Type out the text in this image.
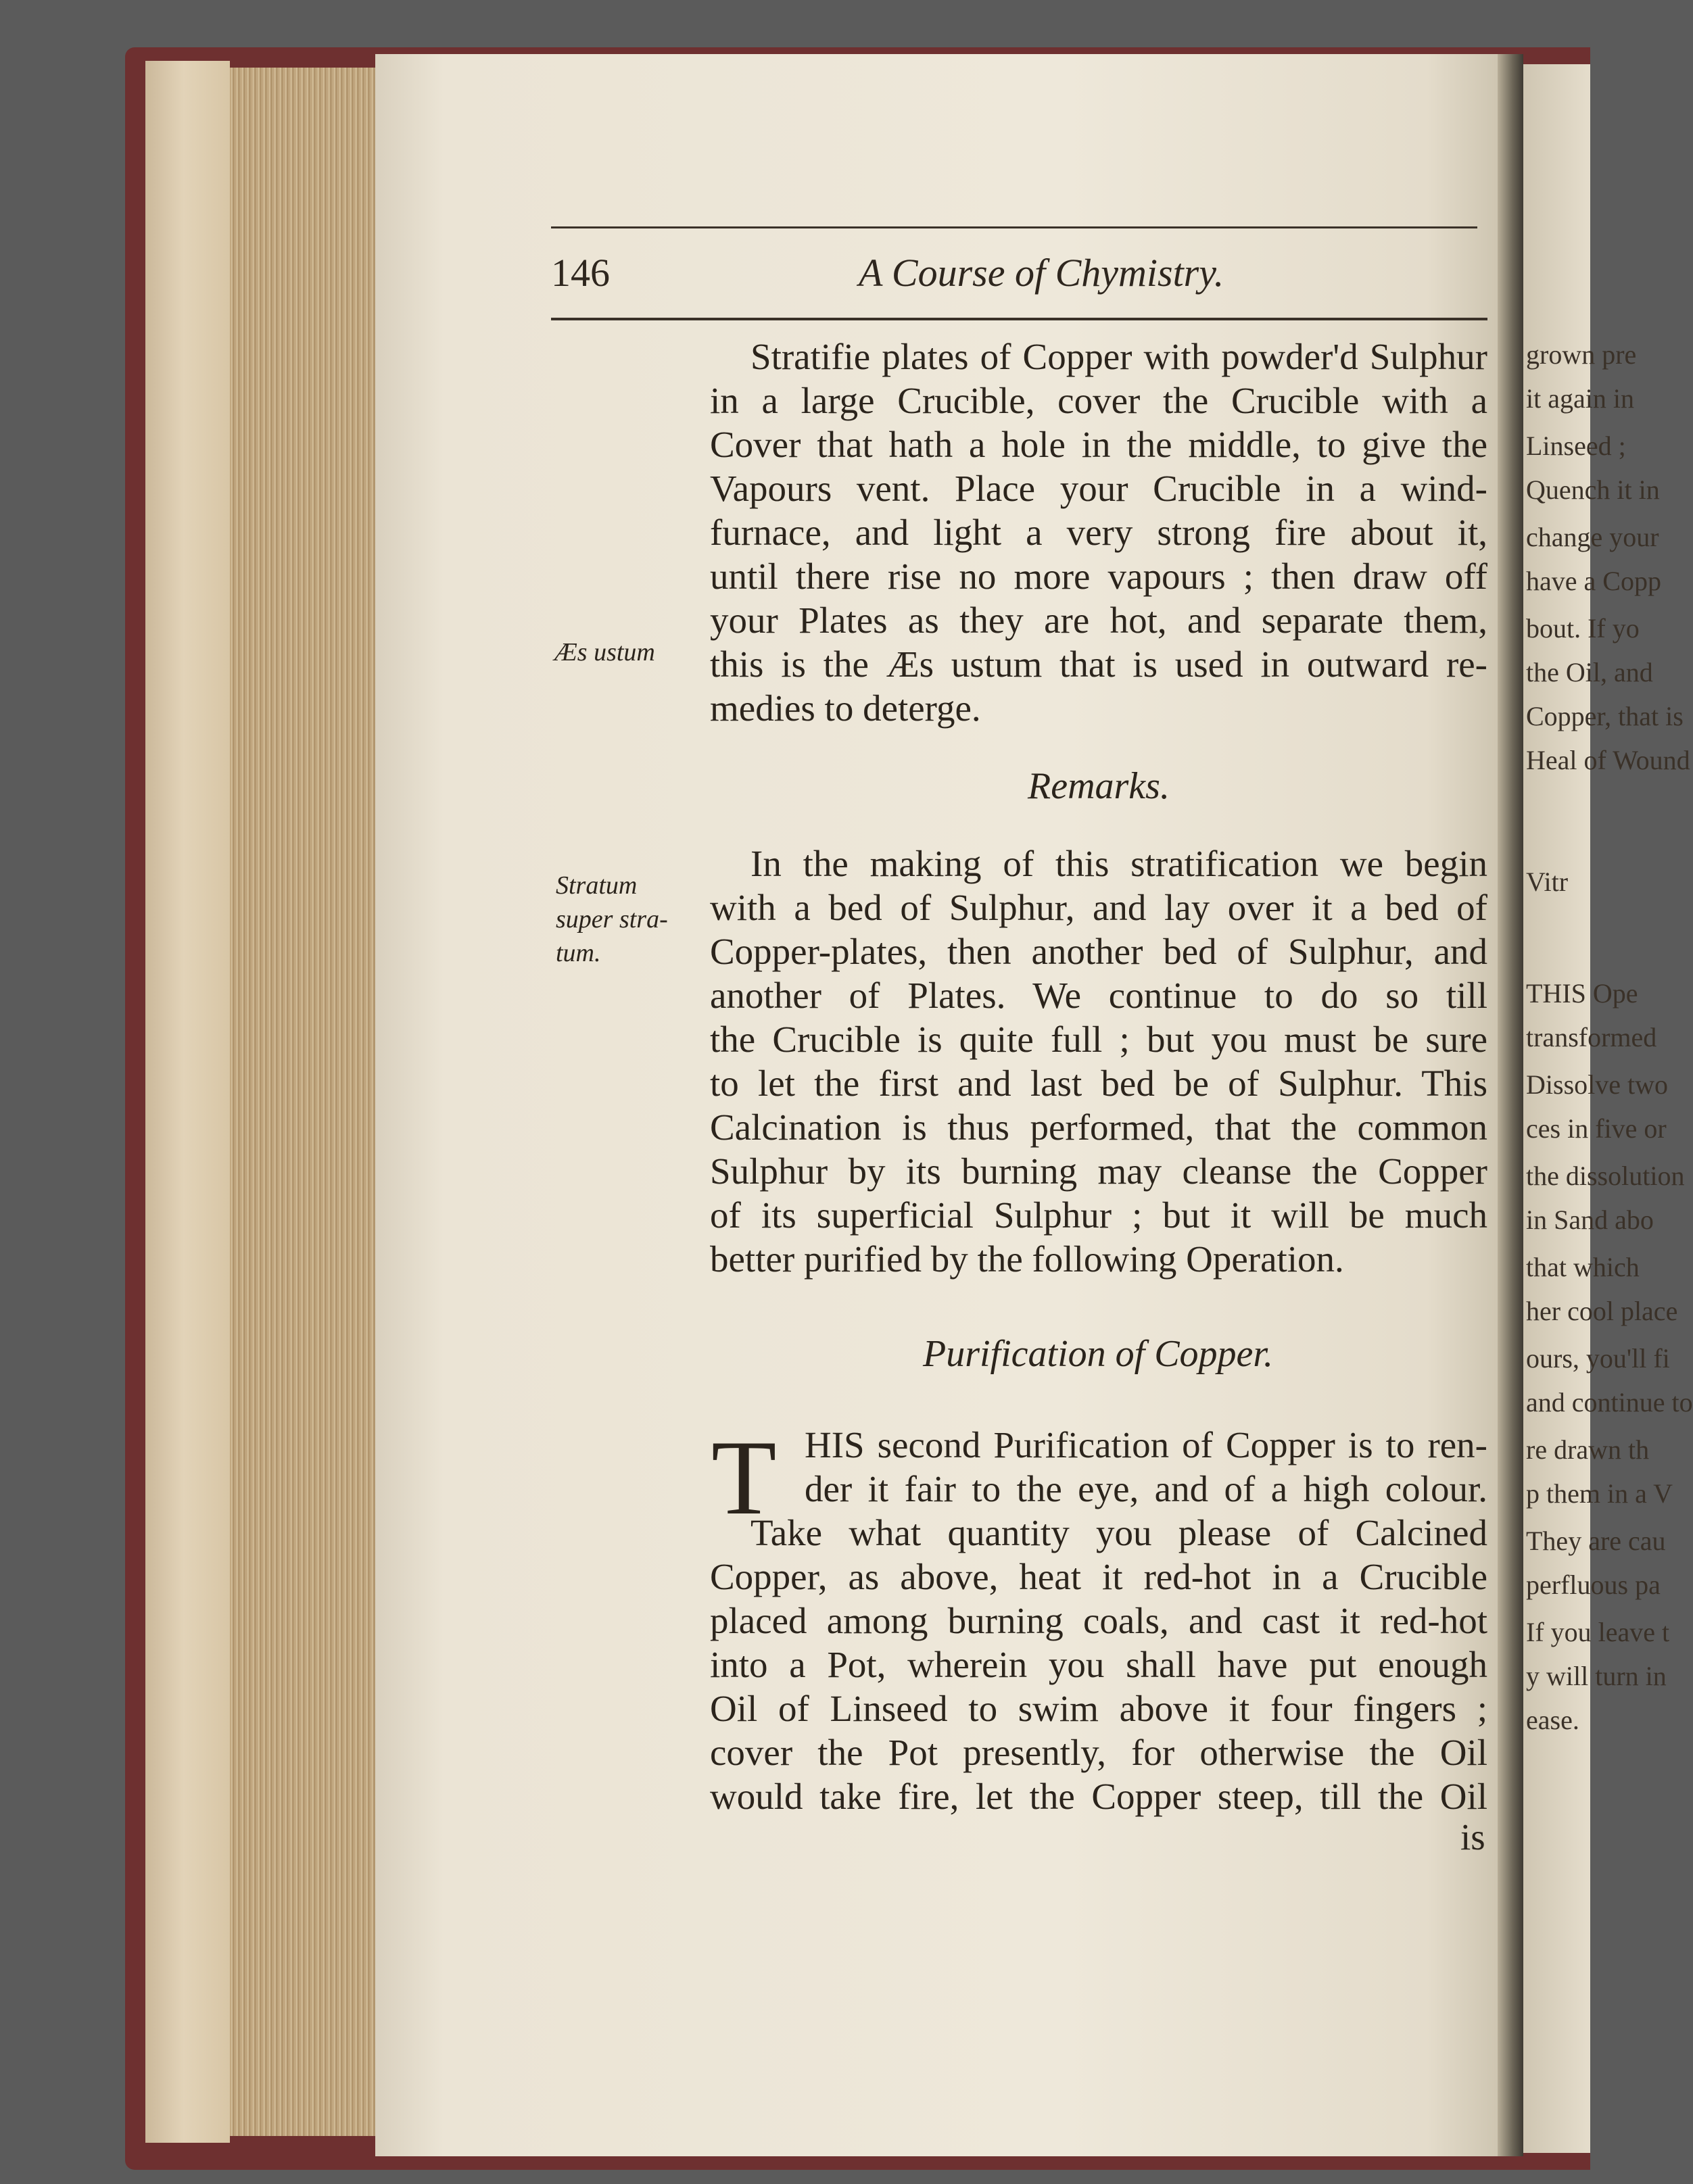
grown pre
it again in
Linseed ;
Quench it in
change your
have a Copp
bout. If yo
the Oil, and
Copper, that is
Heal of Wound
Vitr
THIS Ope
transformed
Dissolve two
ces in five or
the dissolution
in Sand abo
that which
her cool place
ours, you'll fi
and continue to
re drawn th
p them in a V
They are cau
perfluous pa
If you leave t
y will turn in
ease.
146	A Course of Chymistry.
Æs ustum
Stratum
super stra-
tum.
Stratifie plates of Copper with powder'd Sulphur
in a large Crucible, cover the Crucible with a
Cover that hath a hole in the middle, to give the
Vapours vent. Place your Crucible in a wind-
furnace, and light a very strong fire about it,
until there rise no more vapours ; then draw off
your Plates as they are hot, and separate them,
this is the Æs ustum that is used in outward re-
medies to deterge.
Remarks.
In the making of this stratification we begin
with a bed of Sulphur, and lay over it a bed of
Copper-plates, then another bed of Sulphur, and
another of Plates. We continue to do so till
the Crucible is quite full ; but you must be sure
to let the first and last bed be of Sulphur. This
Calcination is thus performed, that the common
Sulphur by its burning may cleanse the Copper
of its superficial Sulphur ; but it will be much
better purified by the following Operation.
Purification of Copper.
T HIS second Purification of Copper is to ren-
der it fair to the eye, and of a high colour.
Take what quantity you please of Calcined
Copper, as above, heat it red-hot in a Crucible
placed among burning coals, and cast it red-hot
into a Pot, wherein you shall have put enough
Oil of Linseed to swim above it four fingers ;
cover the Pot presently, for otherwise the Oil
would take fire, let the Copper steep, till the Oil
is
